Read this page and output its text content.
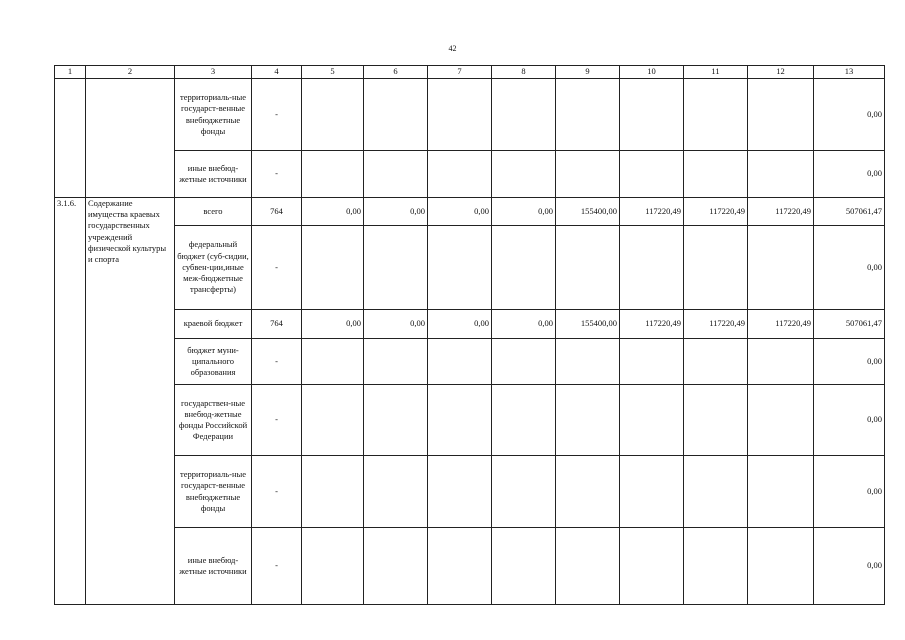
42
1	2	3	4	5	6	7	8	9	10	11	12	13
		территориаль-ные государст-венные внебюджетные фонды	-									0,00
		иные внебюд-жетные источники	-									0,00
3.1.6.	Содержание имущества краевых государственных учреждений физической культуры и спорта	всего	764	0,00	0,00	0,00	0,00	155400,00	117220,49	117220,49	117220,49	507061,47
		федеральный бюджет (суб-сидии, субвен-ции,иные меж-бюджетные трансферты)	-									0,00
		краевой бюджет	764	0,00	0,00	0,00	0,00	155400,00	117220,49	117220,49	117220,49	507061,47
		бюджет муни-ципального образования	-									0,00
		государствен-ные внебюд-жетные фонды Российской Федерации	-									0,00
		территориаль-ные государст-венные внебюджетные фонды	-									0,00
		иные внебюд-жетные источники	-									0,00
